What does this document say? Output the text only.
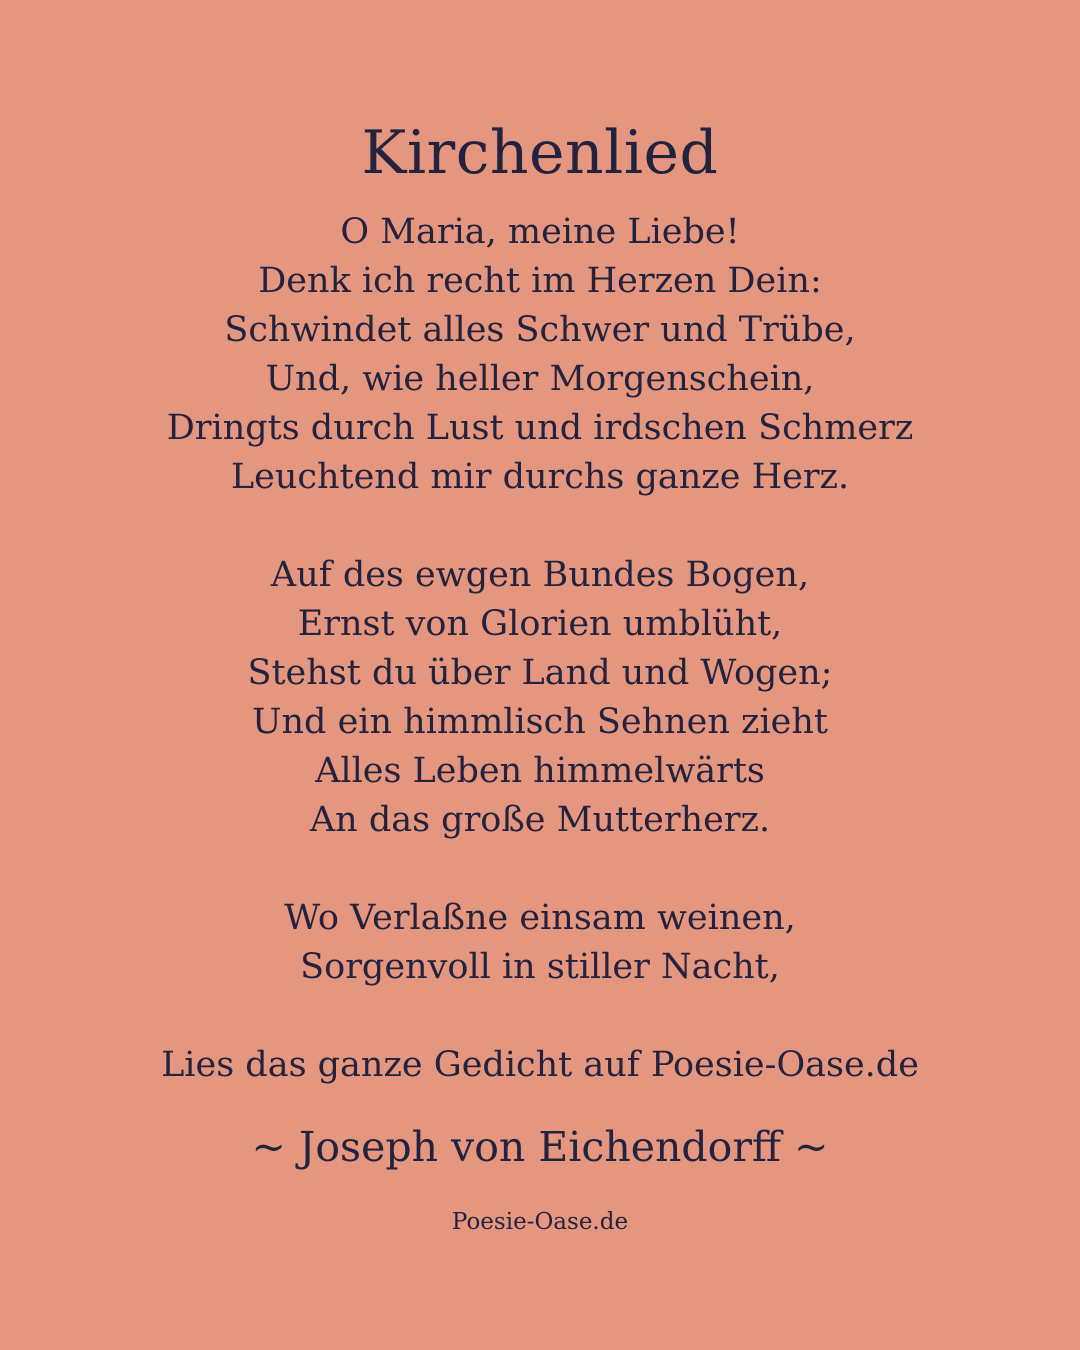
Kirchenlied
O Maria, meine Liebe!
Denk ich recht im Herzen Dein:
Schwindet alles Schwer und Trübe,
Und, wie heller Morgenschein,
Dringts durch Lust und irdschen Schmerz
Leuchtend mir durchs ganze Herz.
Auf des ewgen Bundes Bogen,
Ernst von Glorien umblüht,
Stehst du über Land und Wogen;
Und ein himmlisch Sehnen zieht
Alles Leben himmelwärts
An das große Mutterherz.
Wo Verlaßne einsam weinen,
Sorgenvoll in stiller Nacht,
Lies das ganze Gedicht auf Poesie-Oase.de
~ Joseph von Eichendorff ~
Poesie-Oase.de
